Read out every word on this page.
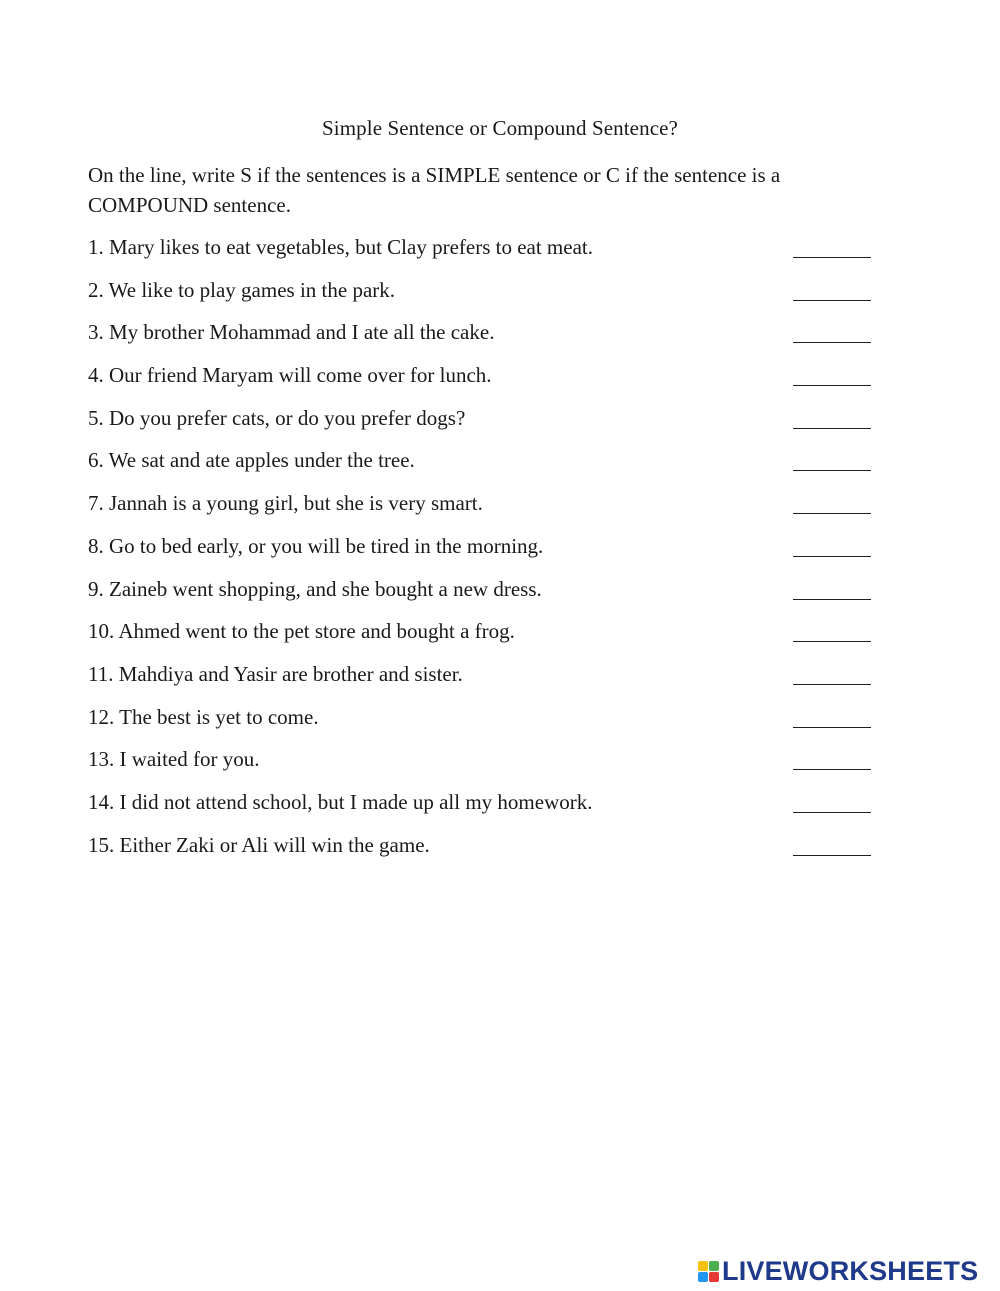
Simple Sentence or Compound Sentence?
On the line, write S if the sentences is a SIMPLE sentence or C if the sentence is a COMPOUND sentence.
1. Mary likes to eat vegetables, but Clay prefers to eat meat.
2. We like to play games in the park.
3. My brother Mohammad and I ate all the cake.
4. Our friend Maryam will come over for lunch.
5. Do you prefer cats, or do you prefer dogs?
6. We sat and ate apples under the tree.
7. Jannah is a young girl, but she is very smart.
8. Go to bed early, or you will be tired in the morning.
9. Zaineb went shopping, and she bought a new dress.
10. Ahmed went to the pet store and bought a frog.
11. Mahdiya and Yasir are brother and sister.
12. The best is yet to come.
13. I waited for you.
14. I did not attend school, but I made up all my homework.
15. Either Zaki or Ali will win the game.
LIVEWORKSHEETS
